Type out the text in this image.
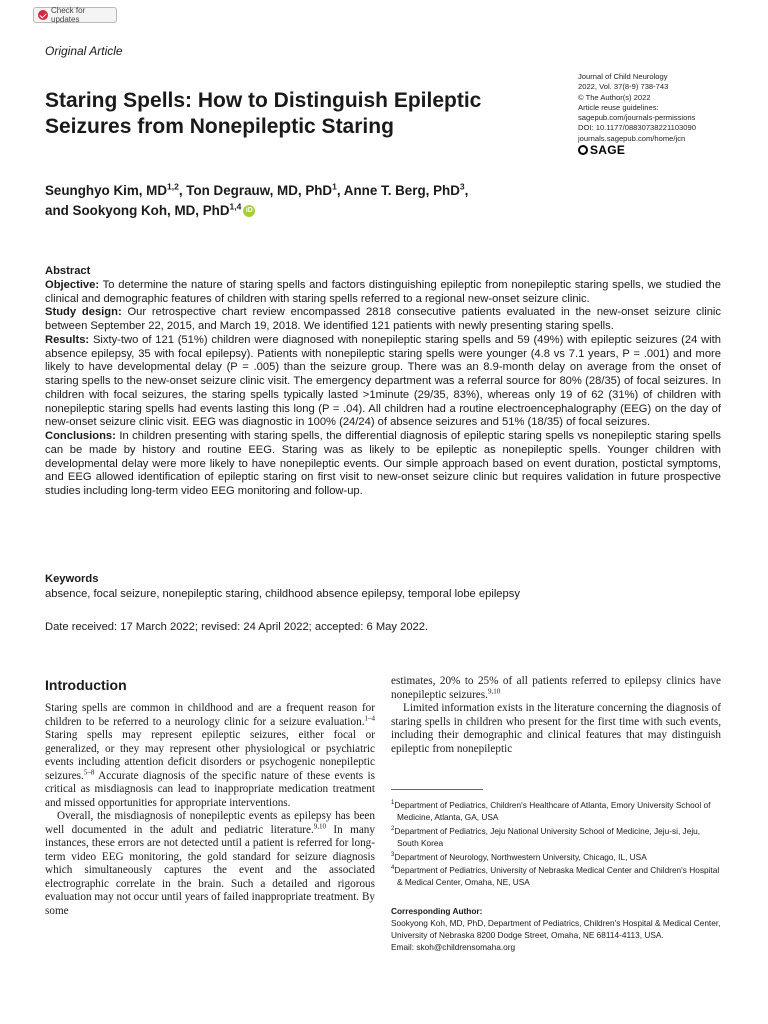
Check for updates
Original Article
Journal of Child Neurology
2022, Vol. 37(8-9) 738-743
© The Author(s) 2022
Article reuse guidelines:
sagepub.com/journals-permissions
DOI: 10.1177/08830738221103090
journals.sagepub.com/home/jcn
SAGE
Staring Spells: How to Distinguish Epileptic
Seizures from Nonepileptic Staring
Seunghyo Kim, MD$^{1,2}$, Ton Degrauw, MD, PhD$^1$, Anne T. Berg, PhD$^3$,
and Sookyong Koh, MD, PhD$^{1,4}$ iD

Abstract

Objective: To determine the nature of staring spells and factors distinguishing epileptic from nonepileptic staring spells, we studied the clinical and demographic features of children with staring spells referred to a regional new-onset seizure clinic.

Study design: Our retrospective chart review encompassed 2818 consecutive patients evaluated in the new-onset seizure clinic between September 22, 2015, and March 19, 2018. We identified 121 patients with newly presenting staring spells.

Results: Sixty-two of 121 (51%) children were diagnosed with nonepileptic staring spells and 59 (49%) with epileptic seizures (24 with absence epilepsy, 35 with focal epilepsy). Patients with nonepileptic staring spells were younger (4.8 vs 7.1 years, P = .001) and more likely to have developmental delay (P = .005) than the seizure group. There was an 8.9-month delay on average from the onset of staring spells to the new-onset seizure clinic visit. The emergency department was a referral source for 80% (28/35) of focal seizures. In children with focal seizures, the staring spells typically lasted >1minute (29/35, 83%), whereas only 19 of 62 (31%) of children with nonepileptic staring spells had events lasting this long (P = .04). All children had a routine electroencephalography (EEG) on the day of new-onset seizure clinic visit. EEG was diagnostic in 100% (24/24) of absence seizures and 51% (18/35) of focal seizures.

Conclusions: In children presenting with staring spells, the differential diagnosis of epileptic staring spells vs nonepileptic staring spells can be made by history and routine EEG. Staring was as likely to be epileptic as nonepileptic spells. Younger children with developmental delay were more likely to have nonepileptic events. Our simple approach based on event duration, postictal symptoms, and EEG allowed identification of epileptic staring on first visit to new-onset seizure clinic but requires validation in future prospective studies including long-term video EEG monitoring and follow-up.

Keywords
absence, focal seizure, nonepileptic staring, childhood absence epilepsy, temporal lobe epilepsy
Date received: 17 March 2022; revised: 24 April 2022; accepted: 6 May 2022.
Introduction

Staring spells are common in childhood and are a frequent reason for children to be referred to a neurology clinic for a seizure evaluation.$^{1-4}$ Staring spells may represent epileptic seizures, either focal or generalized, or they may represent other physiological or psychiatric events including attention deficit disorders or psychogenic nonepileptic seizures.$^{5-8}$ Accurate diagnosis of the specific nature of these events is critical as misdiagnosis can lead to inappropriate medication treatment and missed opportunities for appropriate interventions.

Overall, the misdiagnosis of nonepileptic events as epilepsy has been well documented in the adult and pediatric literature.$^{9,10}$ In many instances, these errors are not detected until a patient is referred for long-term video EEG monitoring, the gold standard for seizure diagnosis which simultaneously captures the event and the associated electrographic correlate in the brain. Such a detailed and rigorous evaluation may not occur until years of failed inappropriate treatment. By some

estimates, 20% to 25% of all patients referred to epilepsy clinics have nonepileptic seizures.$^{9,10}$

Limited information exists in the literature concerning the diagnosis of staring spells in children who present for the first time with such events, including their demographic and clinical features that may distinguish epileptic from nonepileptic

$^1$Department of Pediatrics, Children's Healthcare of Atlanta, Emory University School of Medicine, Atlanta, GA, USA
$^2$Department of Pediatrics, Jeju National University School of Medicine, Jeju-si, Jeju, South Korea
$^3$Department of Neurology, Northwestern University, Chicago, IL, USA
$^4$Department of Pediatrics, University of Nebraska Medical Center and Children's Hospital & Medical Center, Omaha, NE, USA
Corresponding Author:
Sookyong Koh, MD, PhD, Department of Pediatrics, Children's Hospital & Medical Center, University of Nebraska 8200 Dodge Street, Omaha, NE 68114-4113, USA.
Email: skoh@childrensomaha.org
